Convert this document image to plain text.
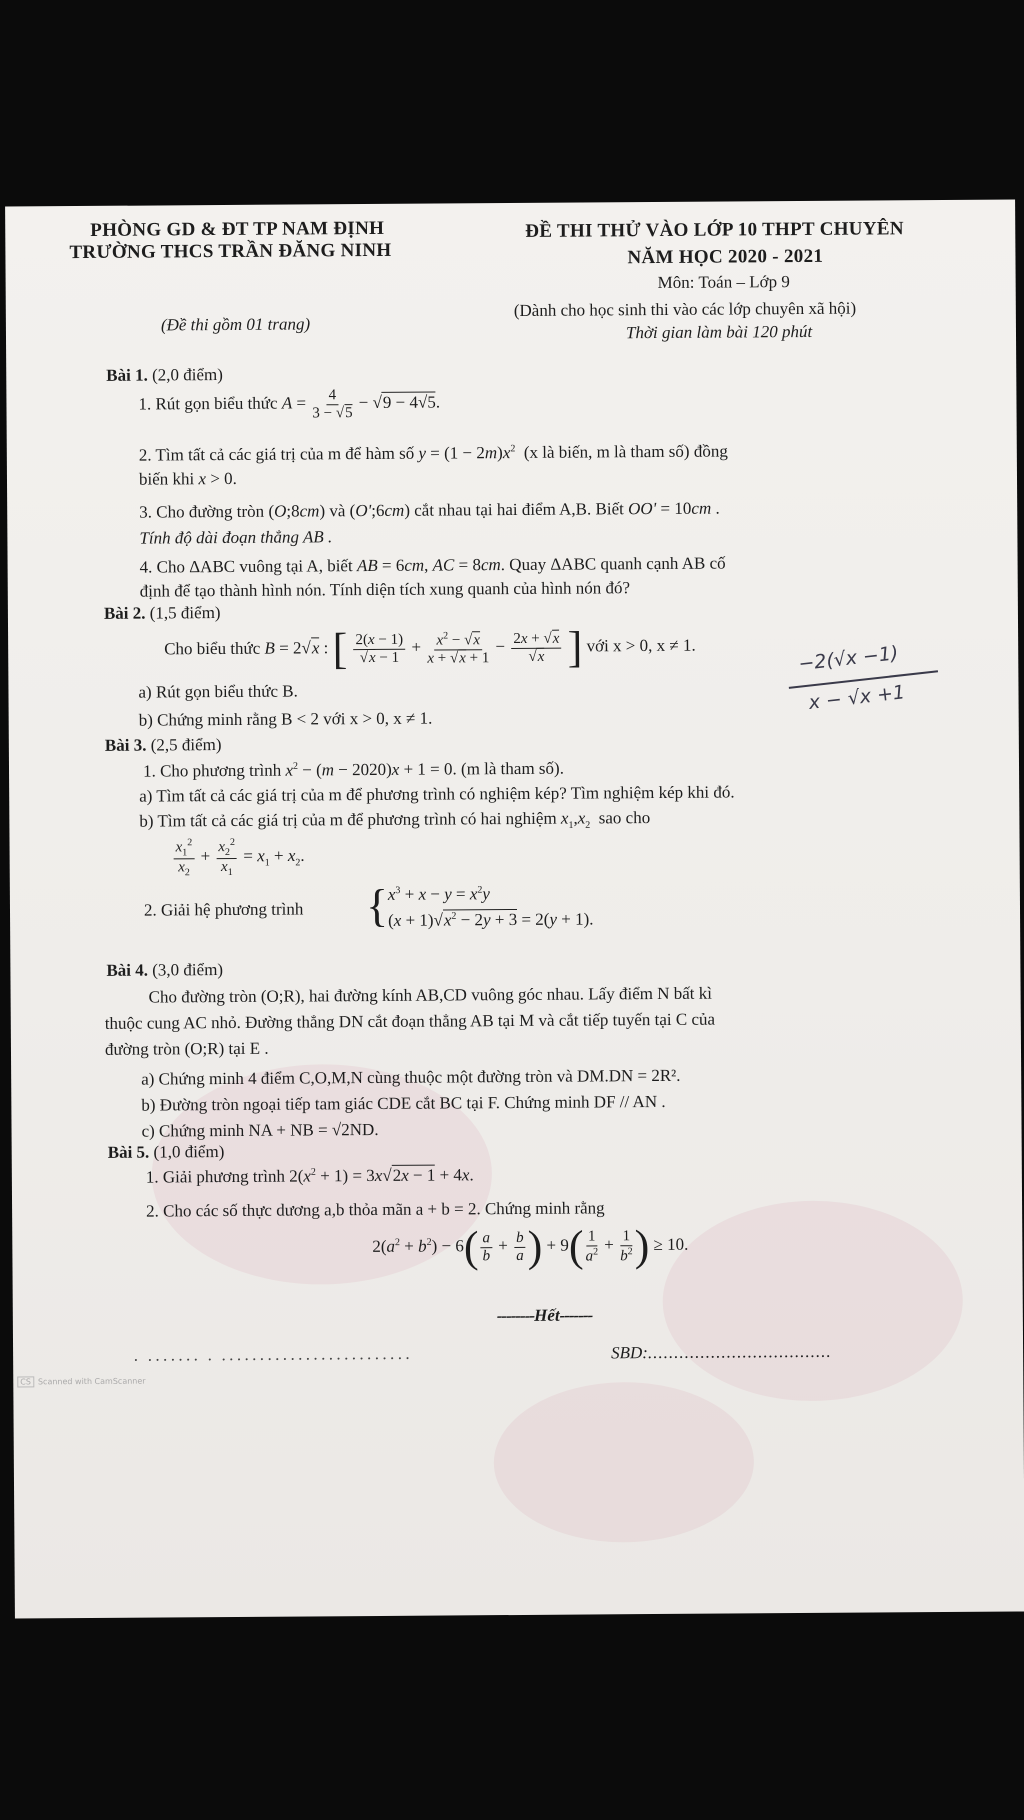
PHÒNG GD & ĐT TP NAM ĐỊNH
TRƯỜNG THCS TRẦN ĐĂNG NINH
ĐỀ THI THỬ VÀO LỚP 10 THPT CHUYÊN
NĂM HỌC 2020 - 2021
Môn: Toán – Lớp 9
(Đề thi gồm 01 trang)
(Dành cho học sinh thi vào các lớp chuyên xã hội)
Thời gian làm bài 120 phút
Bài 1. (2,0 điểm)
1. Rút gọn biểu thức $A = \frac{4}{3 - √5} - √9 - 4√5$.
2. Tìm tất cả các giá trị của m để hàm số $y = (1 - 2m)x^2$ (x là biến, m là tham số) đồng
biến khi x > 0.
3. Cho đường tròn (O;8cm) và (O';6cm) cắt nhau tại hai điểm A,B. Biết OO' = 10cm .
Tính độ dài đoạn thẳng AB .
4. Cho ΔABC vuông tại A, biết AB = 6cm, AC = 8cm. Quay ΔABC quanh cạnh AB cố
định để tạo thành hình nón. Tính diện tích xung quanh của hình nón đó?
Bài 2. (1,5 điểm)
Cho biểu thức B = 2√x : [ $\frac{2(x - 1)}{√x - 1} + \frac{x^2 - √x}{x + √x + 1} - \frac{2x + √x}{√x}$ ] với x > 0, x ≠ 1.
a) Rút gọn biểu thức B.
b) Chứng minh rằng B < 2 với x > 0, x ≠ 1.
−2(√x −1)
x − √x +1
Bài 3. (2,5 điểm)
1. Cho phương trình $x^2 - (m - 2020)x + 1 = 0$. (m là tham số).
a) Tìm tất cả các giá trị của m để phương trình có nghiệm kép? Tìm nghiệm kép khi đó.
b) Tìm tất cả các giá trị của m để phương trình có hai nghiệm $x_1,x_2$ sao cho
$\frac{x_1^2}{x_2} + \frac{x_2^2}{x_1} = x_1 + x_2$.
2. Giải hệ phương trình { $x^3 + x - y = x^2y$
$(x + 1)√x^2 - 2y + 3 = 2(y + 1)$.
Bài 4. (3,0 điểm)
Cho đường tròn (O;R), hai đường kính AB,CD vuông góc nhau. Lấy điểm N bất kì
thuộc cung AC nhỏ. Đường thẳng DN cắt đoạn thẳng AB tại M và cắt tiếp tuyến tại C của
đường tròn (O;R) tại E .
a) Chứng minh 4 điểm C,O,M,N cùng thuộc một đường tròn và DM.DN = 2R².
b) Đường tròn ngoại tiếp tam giác CDE cắt BC tại F. Chứng minh DF // AN .
c) Chứng minh NA + NB = √2ND.
Bài 5. (1,0 điểm)
1. Giải phương trình $2(x^2 + 1) = 3x√2x - 1 + 4x$.
2. Cho các số thực dương a,b thỏa mãn a + b = 2. Chứng minh rằng
$2(a^2 + b^2) - 6( \frac{a}{b} + \frac{b}{a}$ ) + $9( \frac{1}{a^2} + \frac{1}{b^2}$ ) ≥ 10.
--------Hết-------
· ······· · ·························	SBD:...................................
CS Scanned with CamScanner
